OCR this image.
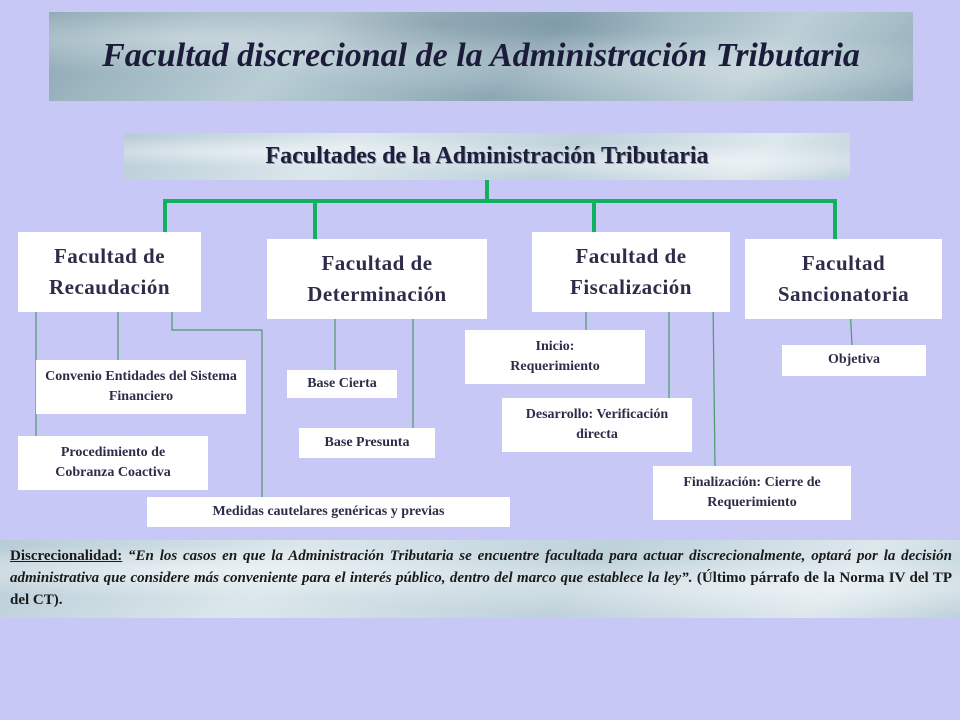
Facultad discrecional de la Administración Tributaria
Facultades de la Administración Tributaria
Facultad de Recaudación
Facultad de Determinación
Facultad de Fiscalización
Facultad Sancionatoria
Convenio Entidades del Sistema Financiero
Procedimiento de Cobranza Coactiva
Medidas cautelares genéricas y previas
Base Cierta
Base Presunta
Inicio: Requerimiento
Desarrollo: Verificación directa
Finalización: Cierre de Requerimiento
Objetiva
Discrecionalidad: “En los casos en que la Administración Tributaria se encuentre facultada para actuar discrecionalmente, optará por la decisión administrativa que considere más conveniente para el interés público, dentro del marco que establece la ley”. (Último párrafo de la Norma IV del TP del CT).
